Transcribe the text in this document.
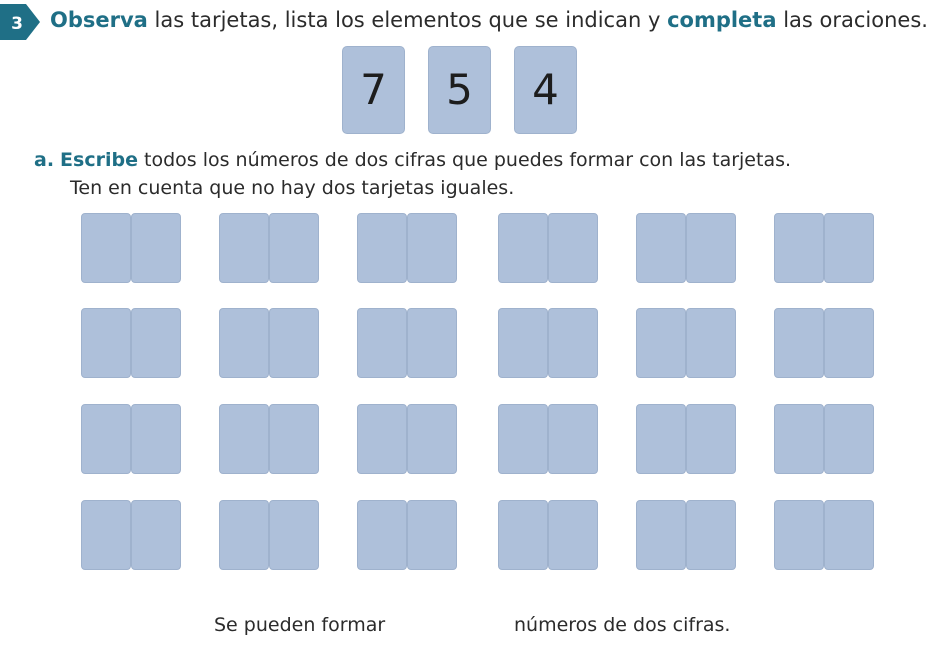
3 Observa las tarjetas, lista los elementos que se indican y completa las oraciones.
7	5	4
a. Escribe todos los números de dos cifras que puedes formar con las tarjetas.
Ten en cuenta que no hay dos tarjetas iguales.
Se pueden formar	números de dos cifras.
